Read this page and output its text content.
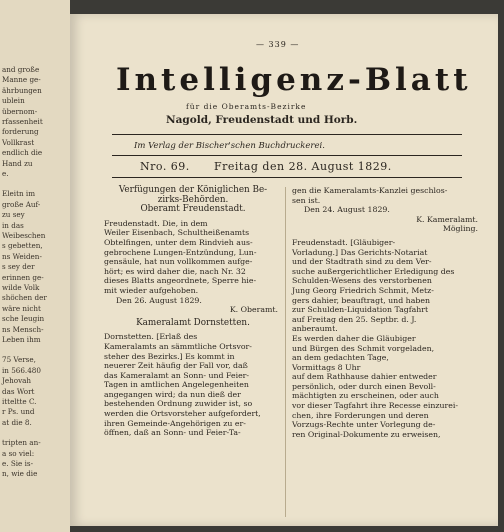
and große
Manne ge-
ährbungen
ublein
übernom-
rfassenheit
forderung
Vollkrast
endlich die
Hand zu
e.
Eleitn im
große Auf-
zu sey
in das
Weibeschen
s gebetten,
ns Weiden-
s sey der
erinnen ge-
wilde Volk
shöchen der
wäre nicht
sche Ieugin
ns Mensch-
Leben ihm
75 Verse,
in 566.480
Jehovah
das Wort
itteltte C.
r Ps. und
at die 8.
tripten an-
a so viel:
e. Sie is-
n, wie die
— 339 —
Intelligenz-Blatt
für die Oberamts-Bezirke
Nagold, Freudenstadt und Horb.
Im Verlag der Bischer'schen Buchdruckerei.
Nro. 69. Freitag den 28. August 1829.
Verfügungen der Königlichen Be-
zirks-Behörden.
Oberamt Freudenstadt.
Freudenstadt. Die, in dem
Weiler Eisenbach, Schultheißenamts
Obtelfingen, unter dem Rindvieh aus-
gebrochene Lungen-Entzündung, Lun-
gensäule, hat nun vollkommen aufge-
hört; es wird daher die, nach Nr. 32
dieses Blatts angeordnete, Sperre hie-
mit wieder aufgehoben.
Den 26. August 1829.
K. Oberamt.
Kameralamt Dornstetten.
Dornstetten. [Erlaß des
Kameralamts an sämmtliche Ortsvor-
steher des Bezirks.] Es kommt in
neuerer Zeit häufig der Fall vor, daß
das Kameralamt an Sonn- und Feier-
Tagen in amtlichen Angelegenheiten
angegangen wird; da nun dieß der
bestehenden Ordnung zuwider ist, so
werden die Ortsvorsteher aufgefordert,
ihren Gemeinde-Angehörigen zu er-
öffnen, daß an Sonn- und Feier-Ta-
gen die Kameralamts-Kanzlei geschlos-
sen ist.
Den 24. August 1829.
K. Kameralamt.
Mögling.
Freudenstadt. [Gläubiger-
Vorladung.] Das Gerichts-Notariat
und der Stadtrath sind zu dem Ver-
suche außergerichtlicher Erledigung des
Schulden-Wesens des verstorbenen
Jung Georg Friedrich Schmit, Metz-
gers dahier, beauftragt, und haben
zur Schulden-Liquidation Tagfahrt
auf Freitag den 25. Septbr. d. J.
anberaumt.
Es werden daher die Gläubiger
und Bürgen des Schmit vorgeladen,
an dem gedachten Tage,
Vormittags 8 Uhr
auf dem Rathhause dahier entweder
persönlich, oder durch einen Bevoll-
mächtigten zu erscheinen, oder auch
vor dieser Tagfahrt ihre Recesse einzurei-
chen, ihre Forderungen und deren
Vorzugs-Rechte unter Vorlegung de-
ren Original-Dokumente zu erweisen,
